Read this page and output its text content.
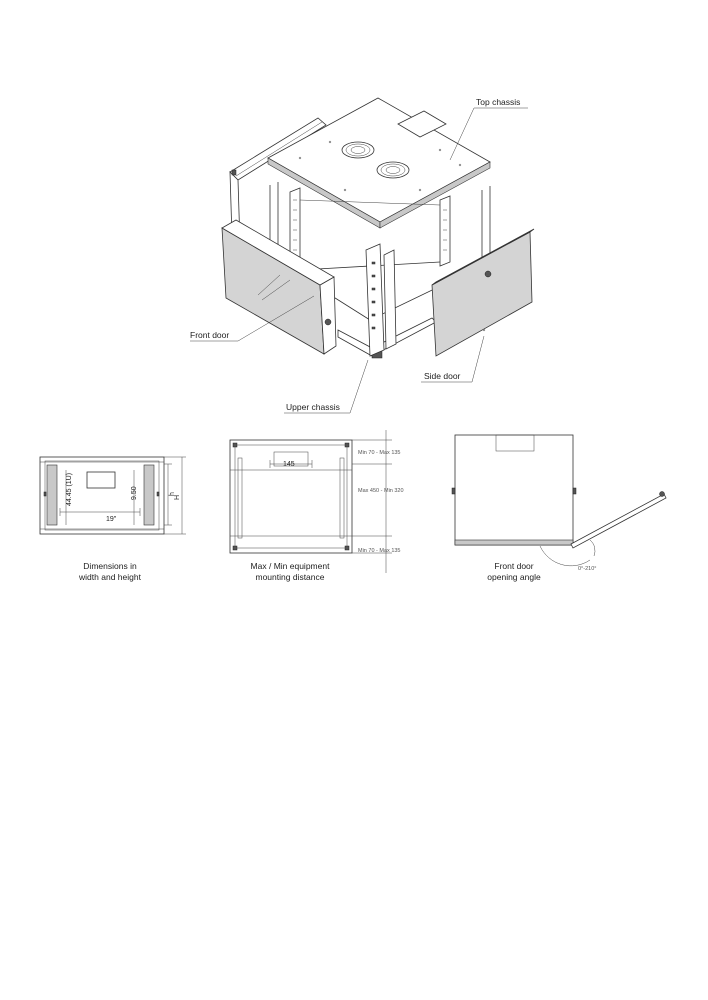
Top chassis
Front door
Side door
Upper chassis
44.45 (1U)	9.50	h
H
19"
Dimensions in
width and height
145
Min 70 - Max 135
Max 450 - Min 320
Min 70 - Max 135
Max / Min equipment
mounting distance
0°-210°
Front door
opening angle
